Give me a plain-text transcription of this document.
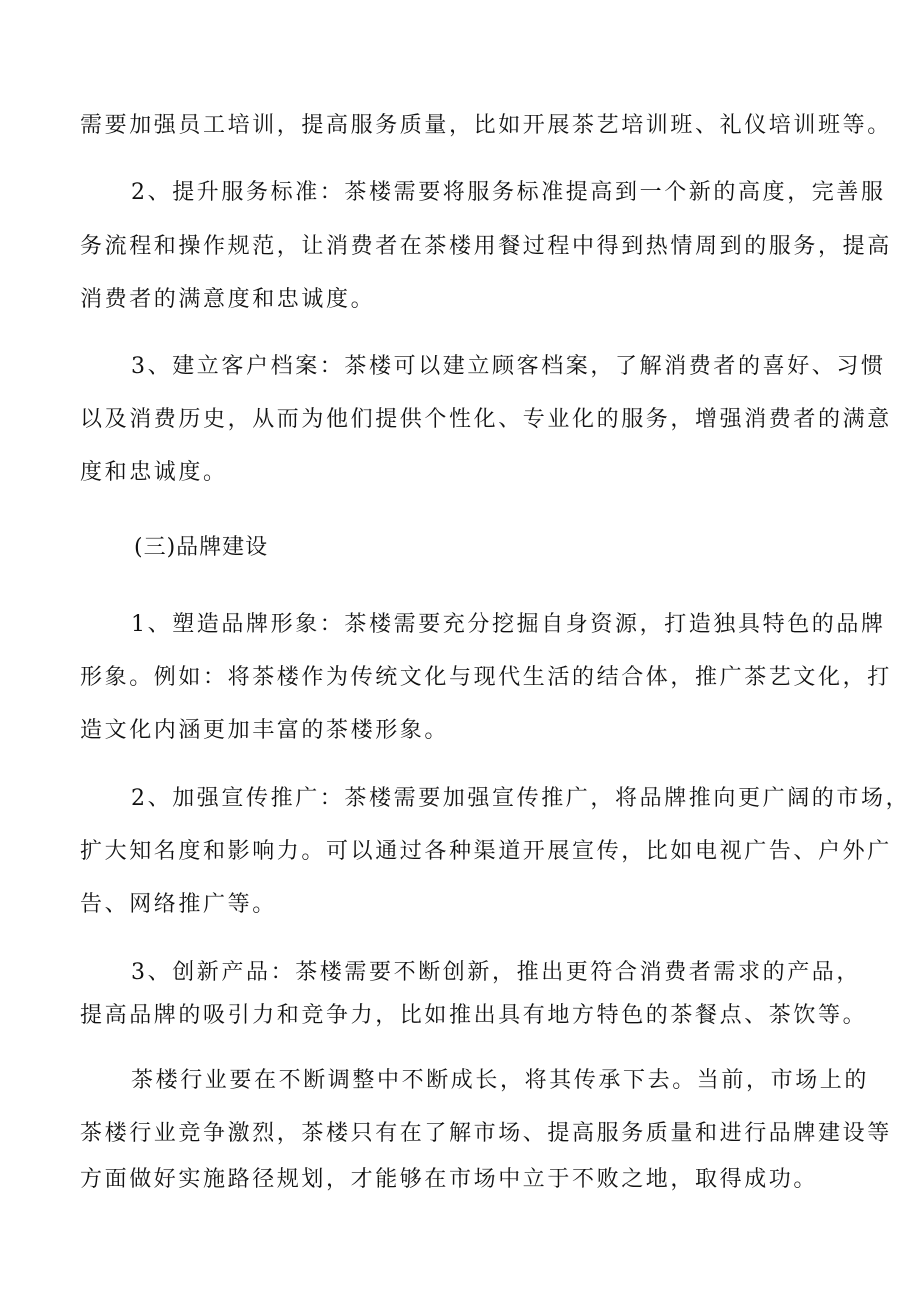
需要加强员工培训，提高服务质量，比如开展茶艺培训班、礼仪培训班等。
2、提升服务标准：茶楼需要将服务标准提高到一个新的高度，完善服
务流程和操作规范，让消费者在茶楼用餐过程中得到热情周到的服务，提高
消费者的满意度和忠诚度。
3、建立客户档案：茶楼可以建立顾客档案，了解消费者的喜好、习惯
以及消费历史，从而为他们提供个性化、专业化的服务，增强消费者的满意
度和忠诚度。
(三)品牌建设
1、塑造品牌形象：茶楼需要充分挖掘自身资源，打造独具特色的品牌
形象。例如：将茶楼作为传统文化与现代生活的结合体，推广茶艺文化，打
造文化内涵更加丰富的茶楼形象。
2、加强宣传推广：茶楼需要加强宣传推广，将品牌推向更广阔的市场，
扩大知名度和影响力。可以通过各种渠道开展宣传，比如电视广告、户外广
告、网络推广等。
3、创新产品：茶楼需要不断创新，推出更符合消费者需求的产品，
提高品牌的吸引力和竞争力，比如推出具有地方特色的茶餐点、茶饮等。
茶楼行业要在不断调整中不断成长，将其传承下去。当前，市场上的
茶楼行业竞争激烈，茶楼只有在了解市场、提高服务质量和进行品牌建设等
方面做好实施路径规划，才能够在市场中立于不败之地，取得成功。
